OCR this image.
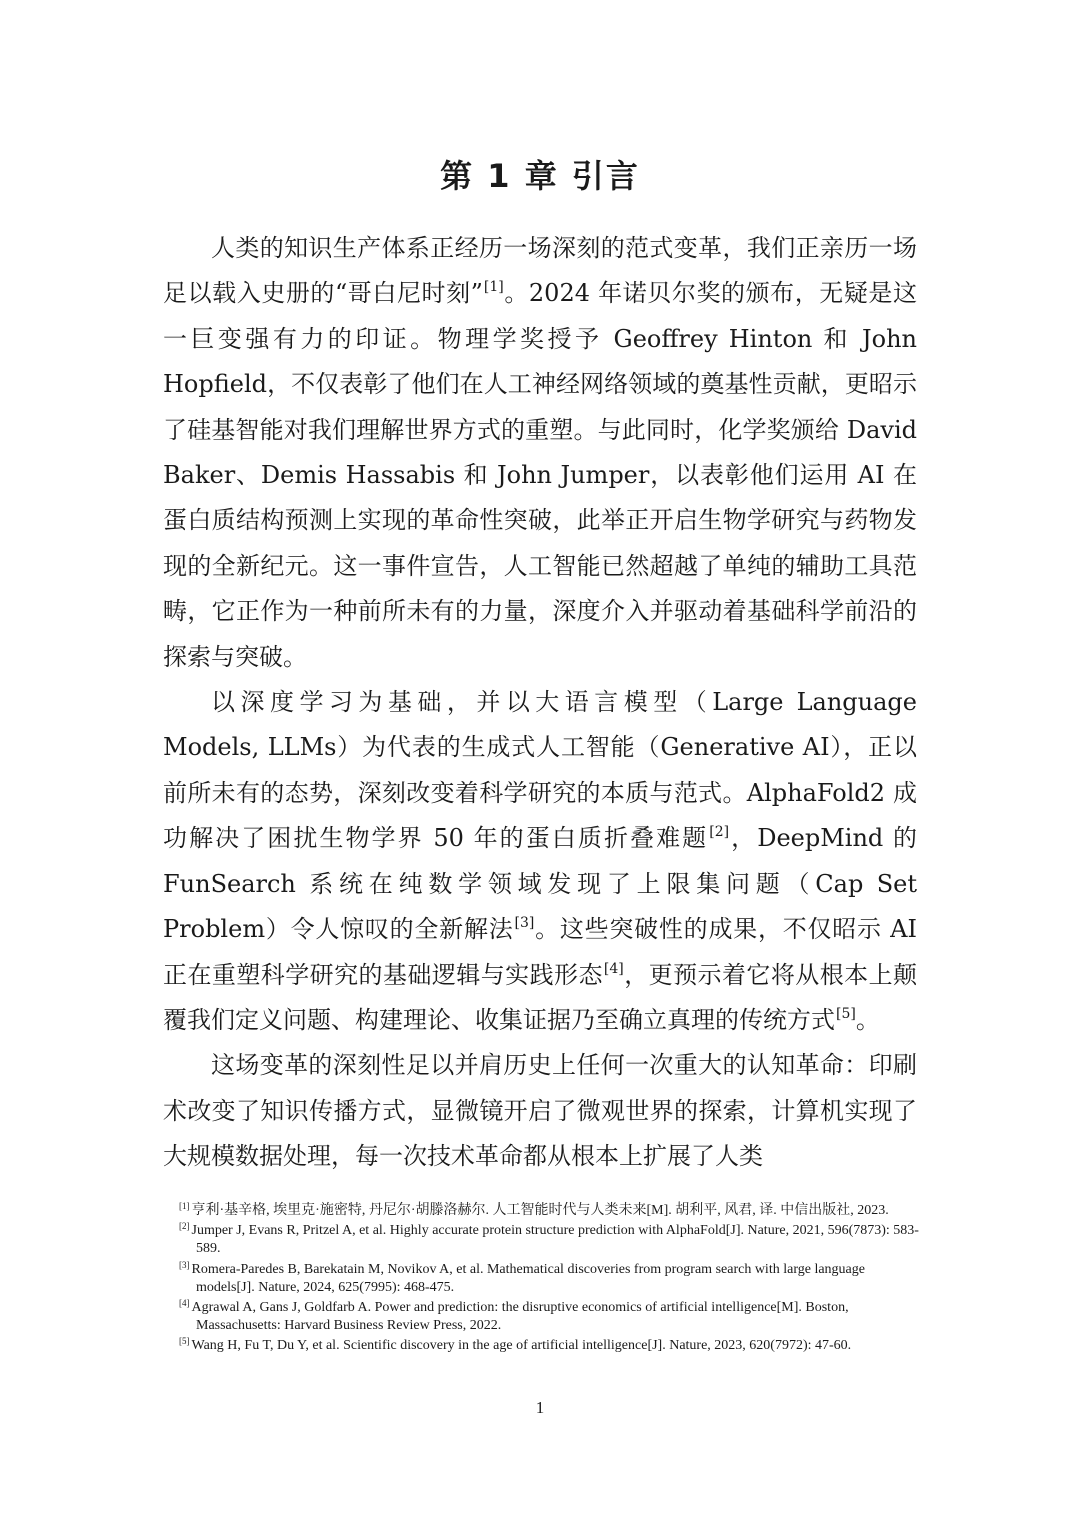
第 1 章 引言

人类的知识生产体系正经历一场深刻的范式变革，我们正亲历一场足以载入史册的“哥白尼时刻”[1]。2024 年诺贝尔奖的颁布，无疑是这一巨变强有力的印证。物理学奖授予 Geoffrey Hinton 和 John Hopfield，不仅表彰了他们在人工神经网络领域的奠基性贡献，更昭示了硅基智能对我们理解世界方式的重塑。与此同时，化学奖颁给 David Baker、Demis Hassabis 和 John Jumper，以表彰他们运用 AI 在蛋白质结构预测上实现的革命性突破，此举正开启生物学研究与药物发现的全新纪元。这一事件宣告，人工智能已然超越了单纯的辅助工具范畴，它正作为一种前所未有的力量，深度介入并驱动着基础科学前沿的探索与突破。

以深度学习为基础，并以大语言模型（Large Language Models, LLMs）为代表的生成式人工智能（Generative AI），正以前所未有的态势，深刻改变着科学研究的本质与范式。AlphaFold2 成功解决了困扰生物学界 50 年的蛋白质折叠难题[2]，DeepMind 的 FunSearch 系统在纯数学领域发现了上限集问题（Cap Set Problem）令人惊叹的全新解法[3]。这些突破性的成果，不仅昭示 AI 正在重塑科学研究的基础逻辑与实践形态[4]，更预示着它将从根本上颠覆我们定义问题、构建理论、收集证据乃至确立真理的传统方式[5]。

这场变革的深刻性足以并肩历史上任何一次重大的认知革命：印刷术改变了知识传播方式，显微镜开启了微观世界的探索，计算机实现了大规模数据处理，每一次技术革命都从根本上扩展了人类

[1] 亨利·基辛格, 埃里克·施密特, 丹尼尔·胡滕洛赫尔. 人工智能时代与人类未来[M]. 胡利平, 风君, 译. 中信出版社, 2023.
[2] Jumper J, Evans R, Pritzel A, et al. Highly accurate protein structure prediction with AlphaFold[J]. Nature, 2021, 596(7873): 583-589.
[3] Romera-Paredes B, Barekatain M, Novikov A, et al. Mathematical discoveries from program search with large language models[J]. Nature, 2024, 625(7995): 468-475.
[4] Agrawal A, Gans J, Goldfarb A. Power and prediction: the disruptive economics of artificial intelligence[M]. Boston, Massachusetts: Harvard Business Review Press, 2022.
[5] Wang H, Fu T, Du Y, et al. Scientific discovery in the age of artificial intelligence[J]. Nature, 2023, 620(7972): 47-60.
1
